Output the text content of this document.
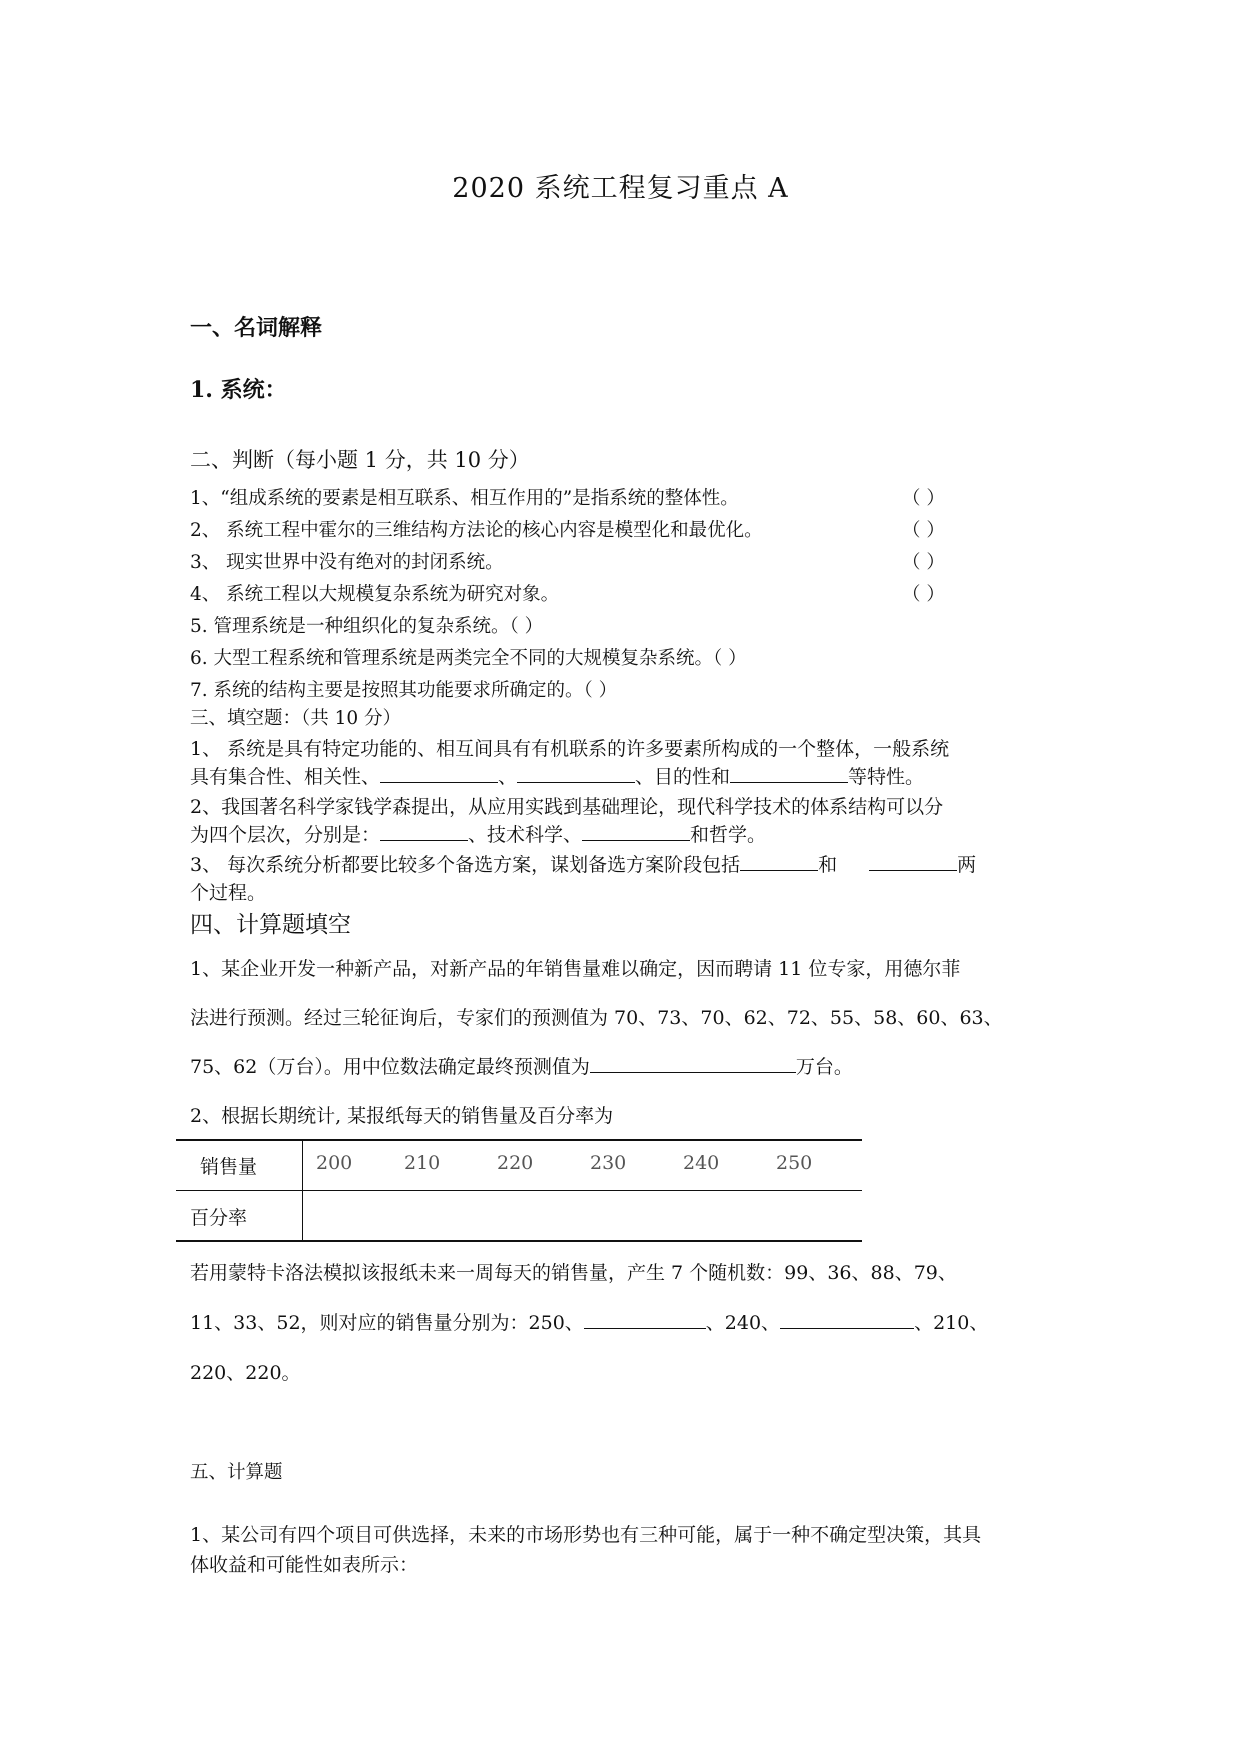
2020 系统工程复习重点 A
一、名词解释
1. 系统：
二、判断（每小题 1 分，共 10 分）
1、“组成系统的要素是相互联系、相互作用的”是指系统的整体性。	（ ）
2、 系统工程中霍尔的三维结构方法论的核心内容是模型化和最优化。	（ ）
3、 现实世界中没有绝对的封闭系统。	（ ）
4、 系统工程以大规模复杂系统为研究对象。	（ ）
5. 管理系统是一种组织化的复杂系统。（ ）
6. 大型工程系统和管理系统是两类完全不同的大规模复杂系统。（ ）
7. 系统的结构主要是按照其功能要求所确定的。（ ）
三、填空题：（共 10 分）
1、 系统是具有特定功能的、相互间具有有机联系的许多要素所构成的一个整体，一般系统
具有集合性、相关性、	、	、目的性和	等特性。
2、我国著名科学家钱学森提出，从应用实践到基础理论，现代科学技术的体系结构可以分
为四个层次，分别是：	、技术科学、	和哲学。
3、 每次系统分析都要比较多个备选方案，谋划备选方案阶段包括	和	两
个过程。
四、计算题填空
1、某企业开发一种新产品，对新产品的年销售量难以确定，因而聘请 11 位专家，用德尔菲
法进行预测。经过三轮征询后，专家们的预测值为 70、73、70、62、72、55、58、60、63、
75、62（万台）。用中位数法确定最终预测值为	万台。
2、根据长期统计, 某报纸每天的销售量及百分率为
销售量	200	210	220	230	240	250
百分率
若用蒙特卡洛法模拟该报纸未来一周每天的销售量，产生 7 个随机数：99、36、88、79、
11、33、52，则对应的销售量分别为：250、	、240、	、210、
220、220。
五、计算题
1、某公司有四个项目可供选择，未来的市场形势也有三种可能，属于一种不确定型决策，其具
体收益和可能性如表所示：
